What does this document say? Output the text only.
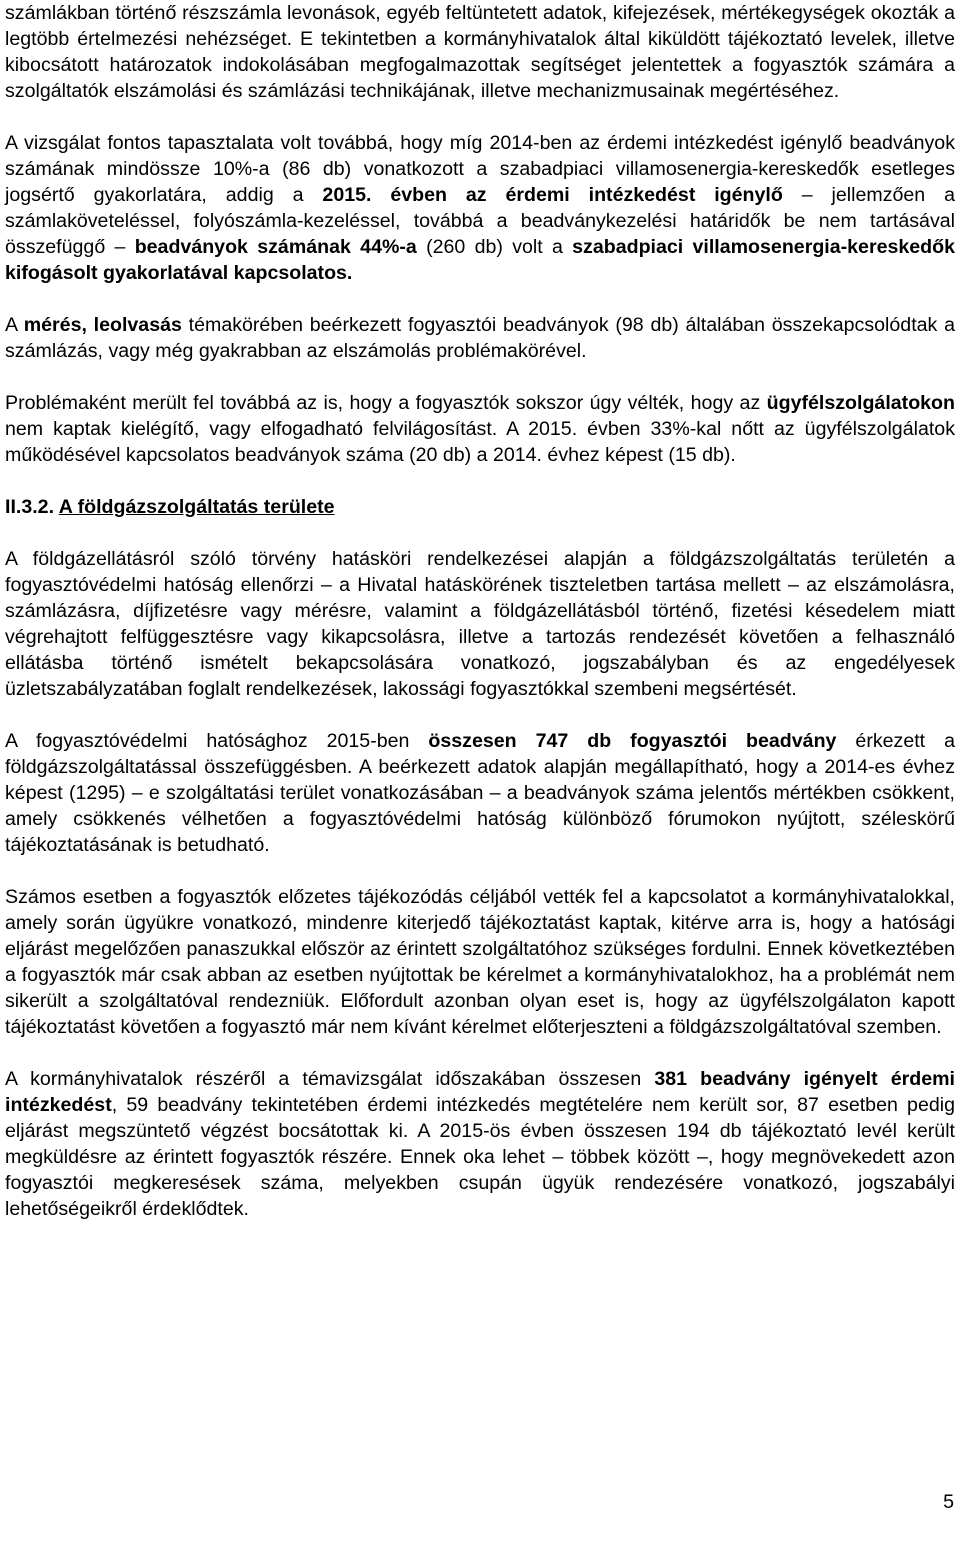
számlákban történő részszámla levonások, egyéb feltüntetett adatok, kifejezések, mértékegységek okozták a legtöbb értelmezési nehézséget. E tekintetben a kormányhivatalok által kiküldött tájékoztató levelek, illetve kibocsátott határozatok indokolásában megfogalmazottak segítséget jelentettek a fogyasztók számára a szolgáltatók elszámolási és számlázási technikájának, illetve mechanizmusainak megértéséhez.

A vizsgálat fontos tapasztalata volt továbbá, hogy míg 2014-ben az érdemi intézkedést igénylő beadványok számának mindössze 10%-a (86 db) vonatkozott a szabadpiaci villamosenergia-kereskedők esetleges jogsértő gyakorlatára, addig a 2015. évben az érdemi intézkedést igénylő – jellemzően a számlaköveteléssel, folyószámla-kezeléssel, továbbá a beadványkezelési határidők be nem tartásával összefüggő – beadványok számának 44%-a (260 db) volt a szabadpiaci villamosenergia-kereskedők kifogásolt gyakorlatával kapcsolatos.

A mérés, leolvasás témakörében beérkezett fogyasztói beadványok (98 db) általában összekapcsolódtak a számlázás, vagy még gyakrabban az elszámolás problémakörével.

Problémaként merült fel továbbá az is, hogy a fogyasztók sokszor úgy vélték, hogy az ügyfélszolgálatokon nem kaptak kielégítő, vagy elfogadható felvilágosítást. A 2015. évben 33%-kal nőtt az ügyfélszolgálatok működésével kapcsolatos beadványok száma (20 db) a 2014. évhez képest (15 db).

II.3.2. A földgázszolgáltatás területe

A földgázellátásról szóló törvény hatásköri rendelkezései alapján a földgázszolgáltatás területén a fogyasztóvédelmi hatóság ellenőrzi – a Hivatal hatáskörének tiszteletben tartása mellett – az elszámolásra, számlázásra, díjfizetésre vagy mérésre, valamint a földgázellátásból történő, fizetési késedelem miatt végrehajtott felfüggesztésre vagy kikapcsolásra, illetve a tartozás rendezését követően a felhasználó ellátásba történő ismételt bekapcsolására vonatkozó, jogszabályban és az engedélyesek üzletszabályzatában foglalt rendelkezések, lakossági fogyasztókkal szembeni megsértését.

A fogyasztóvédelmi hatósághoz 2015-ben összesen 747 db fogyasztói beadvány érkezett a földgázszolgáltatással összefüggésben. A beérkezett adatok alapján megállapítható, hogy a 2014-es évhez képest (1295) – e szolgáltatási terület vonatkozásában – a beadványok száma jelentős mértékben csökkent, amely csökkenés vélhetően a fogyasztóvédelmi hatóság különböző fórumokon nyújtott, széleskörű tájékoztatásának is betudható.

Számos esetben a fogyasztók előzetes tájékozódás céljából vették fel a kapcsolatot a kormányhivatalokkal, amely során ügyükre vonatkozó, mindenre kiterjedő tájékoztatást kaptak, kitérve arra is, hogy a hatósági eljárást megelőzően panaszukkal először az érintett szolgáltatóhoz szükséges fordulni. Ennek következtében a fogyasztók már csak abban az esetben nyújtottak be kérelmet a kormányhivatalokhoz, ha a problémát nem sikerült a szolgáltatóval rendezniük. Előfordult azonban olyan eset is, hogy az ügyfélszolgálaton kapott tájékoztatást követően a fogyasztó már nem kívánt kérelmet előterjeszteni a földgázszolgáltatóval szemben.

A kormányhivatalok részéről a témavizsgálat időszakában összesen 381 beadvány igényelt érdemi intézkedést, 59 beadvány tekintetében érdemi intézkedés megtételére nem került sor, 87 esetben pedig eljárást megszüntető végzést bocsátottak ki. A 2015-ös évben összesen 194 db tájékoztató levél került megküldésre az érintett fogyasztók részére. Ennek oka lehet – többek között –, hogy megnövekedett azon fogyasztói megkeresések száma, melyekben csupán ügyük rendezésére vonatkozó, jogszabályi lehetőségeikről érdeklődtek.

5
